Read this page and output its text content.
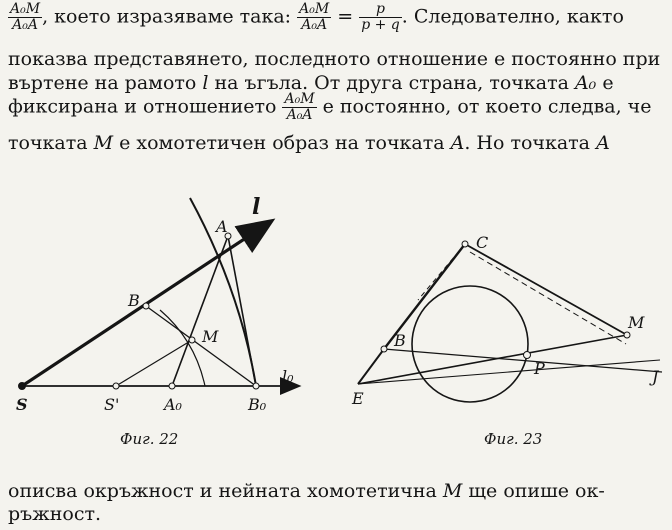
$\frac{\text{A₀M}}{\text{A₀A}}$ , което изразяваме така: $\frac{\text{A₀M}}{\text{A₀A}} = \frac{p}{p + q}$ . Следователно, както
показва представянето, последното отношение е постоянно при
въртене на рамото l на ъгъла. От друга страна, точката A₀ е
фиксирана и отношението $\frac{\text{A₀M}}{\text{A₀A}}$ е постоянно, от което следва, че
точката M е хомотетичен образ на точката A. Но точката A
l
A
B
M
S	S'	A₀	B₀
l₀
Фиг. 22
C
M
B
P
E
J
Фиг. 23
описва окръжност и нейната хомотетична M ще опише ок-
ръжност.
